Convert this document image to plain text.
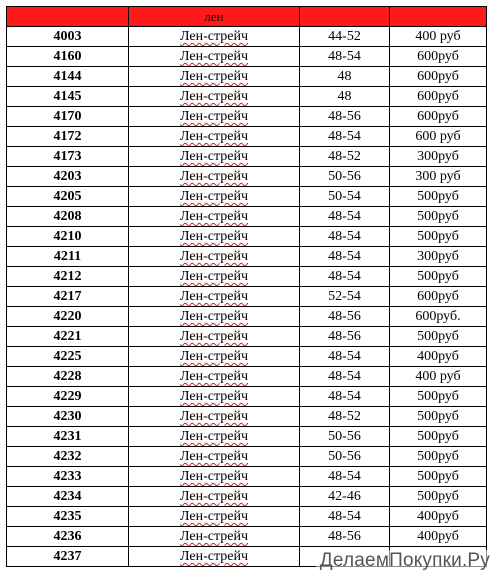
	лен		
4003	Лен-стрейч	44-52	400 руб
4160	Лен-стрейч	48-54	600руб
4144	Лен-стрейч	48	600руб
4145	Лен-стрейч	48	600руб
4170	Лен-стрейч	48-56	600руб
4172	Лен-стрейч	48-54	600 руб
4173	Лен-стрейч	48-52	300руб
4203	Лен-стрейч	50-56	300 руб
4205	Лен-стрейч	50-54	500руб
4208	Лен-стрейч	48-54	500руб
4210	Лен-стрейч	48-54	500руб
4211	Лен-стрейч	48-54	300руб
4212	Лен-стрейч	48-54	500руб
4217	Лен-стрейч	52-54	600руб
4220	Лен-стрейч	48-56	600руб.
4221	Лен-стрейч	48-56	500руб
4225	Лен-стрейч	48-54	400руб
4228	Лен-стрейч	48-54	400 руб
4229	Лен-стрейч	48-54	500руб
4230	Лен-стрейч	48-52	500руб
4231	Лен-стрейч	50-56	500руб
4232	Лен-стрейч	50-56	500руб
4233	Лен-стрейч	48-54	500руб
4234	Лен-стрейч	42-46	500руб
4235	Лен-стрейч	48-54	400руб
4236	Лен-стрейч	48-56	400руб
4237	Лен-стрейч			ДелаемПокупки.Ру
